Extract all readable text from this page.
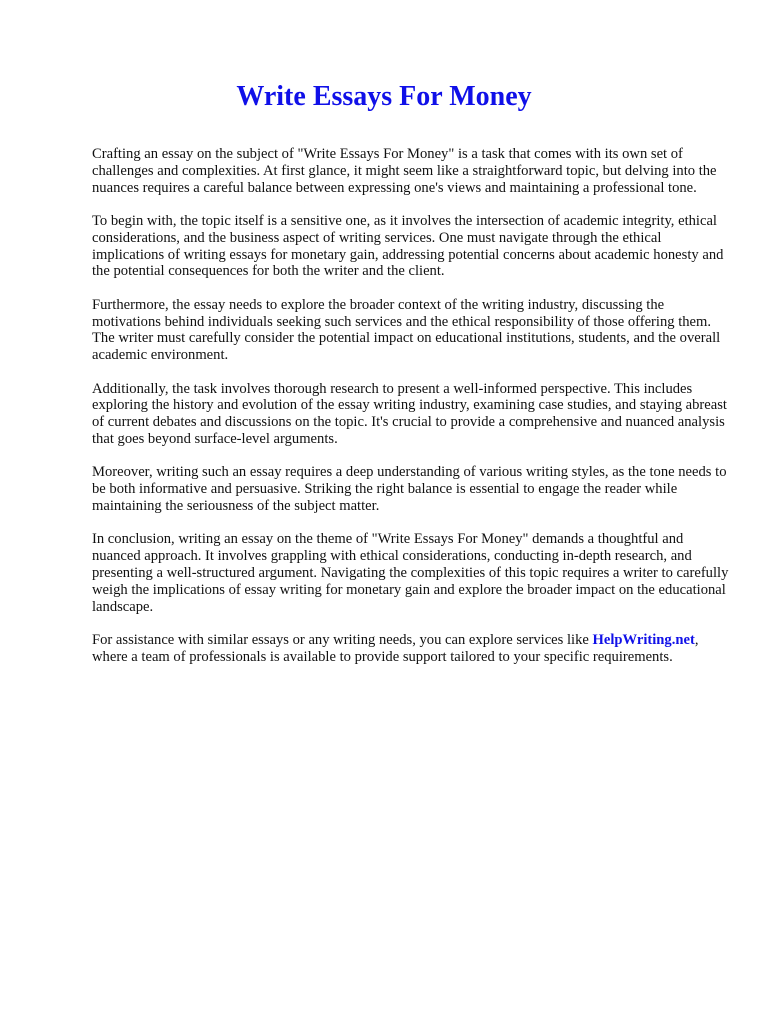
Write Essays For Money

Crafting an essay on the subject of "Write Essays For Money" is a task that comes with its own set of challenges and complexities. At first glance, it might seem like a straightforward topic, but delving into the nuances requires a careful balance between expressing one's views and maintaining a professional tone.

To begin with, the topic itself is a sensitive one, as it involves the intersection of academic integrity, ethical considerations, and the business aspect of writing services. One must navigate through the ethical implications of writing essays for monetary gain, addressing potential concerns about academic honesty and the potential consequences for both the writer and the client.

Furthermore, the essay needs to explore the broader context of the writing industry, discussing the motivations behind individuals seeking such services and the ethical responsibility of those offering them. The writer must carefully consider the potential impact on educational institutions, students, and the overall academic environment.

Additionally, the task involves thorough research to present a well-informed perspective. This includes exploring the history and evolution of the essay writing industry, examining case studies, and staying abreast of current debates and discussions on the topic. It's crucial to provide a comprehensive and nuanced analysis that goes beyond surface-level arguments.

Moreover, writing such an essay requires a deep understanding of various writing styles, as the tone needs to be both informative and persuasive. Striking the right balance is essential to engage the reader while maintaining the seriousness of the subject matter.

In conclusion, writing an essay on the theme of "Write Essays For Money" demands a thoughtful and nuanced approach. It involves grappling with ethical considerations, conducting in-depth research, and presenting a well-structured argument. Navigating the complexities of this topic requires a writer to carefully weigh the implications of essay writing for monetary gain and explore the broader impact on the educational landscape.

For assistance with similar essays or any writing needs, you can explore services like HelpWriting.net, where a team of professionals is available to provide support tailored to your specific requirements.
